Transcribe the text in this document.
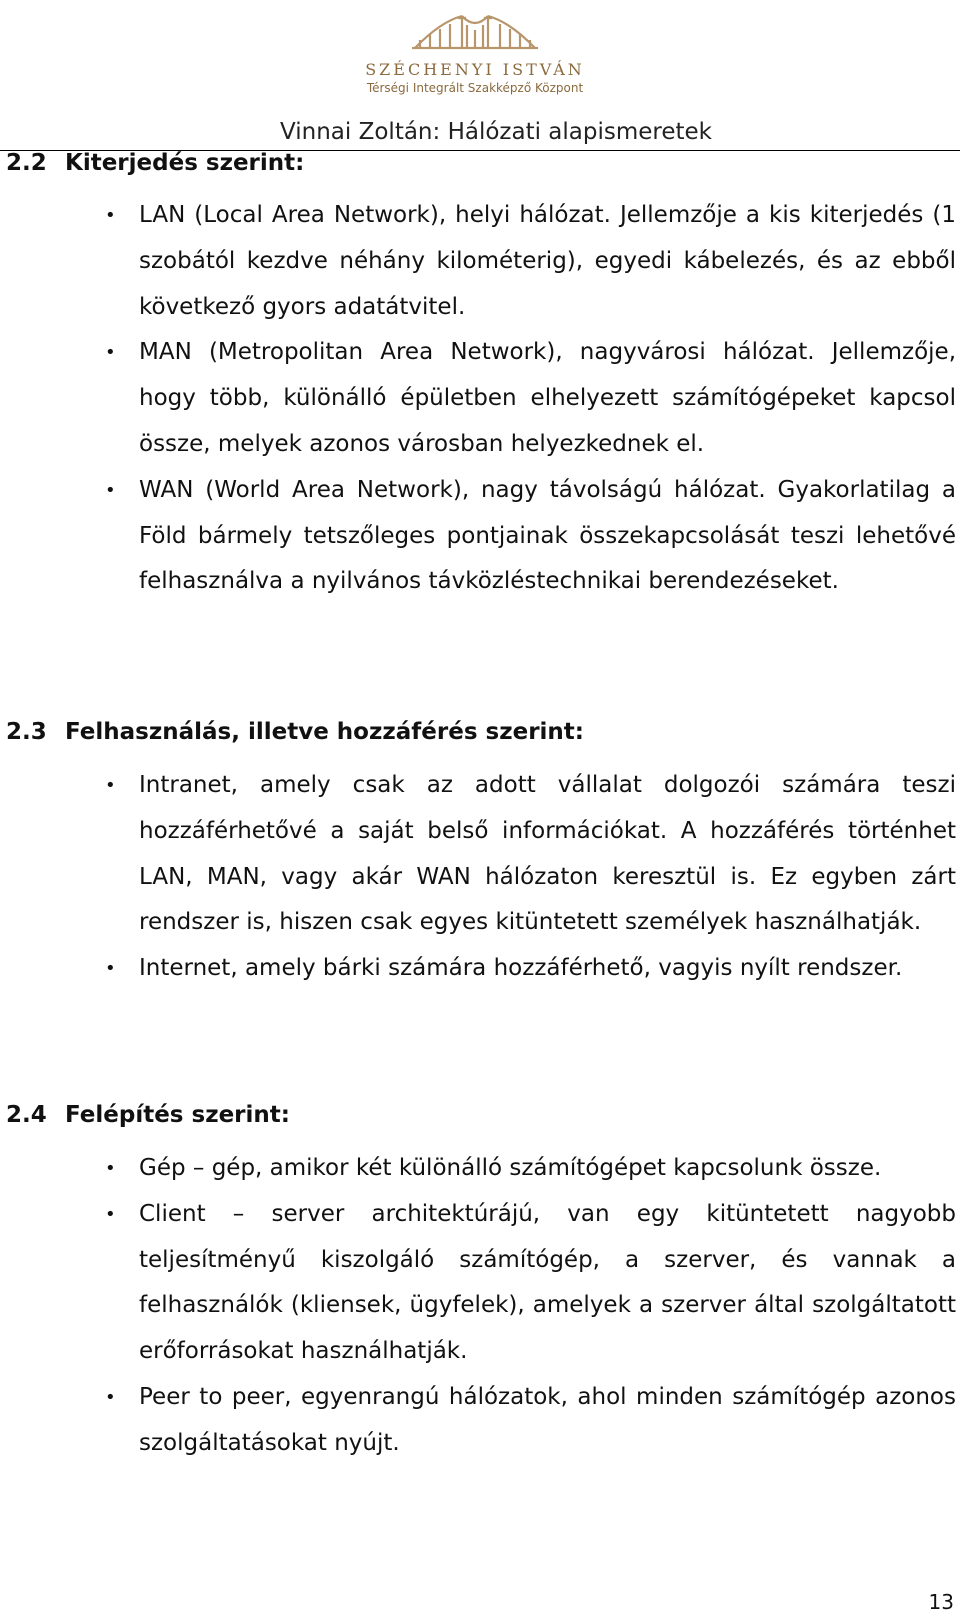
SZÉCHENYI ISTVÁN
Térségi Integrált Szakképző Központ
Vinnai Zoltán: Hálózati alapismeretek
2.2 Kiterjedés szerint:
• LAN (Local Area Network), helyi hálózat. Jellemzője a kis kiterjedés (1 szobától kezdve néhány kilométerig), egyedi kábelezés, és az ebből következő gyors adatátvitel.
• MAN (Metropolitan Area Network), nagyvárosi hálózat. Jellemzője, hogy több, különálló épületben elhelyezett számítógépeket kapcsol össze, melyek azonos városban helyezkednek el.
• WAN (World Area Network), nagy távolságú hálózat. Gyakorlatilag a Föld bármely tetszőleges pontjainak összekapcsolását teszi lehetővé felhasználva a nyilvános távközléstechnikai berendezéseket.
2.3 Felhasználás, illetve hozzáférés szerint:
• Intranet, amely csak az adott vállalat dolgozói számára teszi hozzáférhetővé a saját belső információkat. A hozzáférés történhet LAN, MAN, vagy akár WAN hálózaton keresztül is. Ez egyben zárt rendszer is, hiszen csak egyes kitüntetett személyek használhatják.
• Internet, amely bárki számára hozzáférhető, vagyis nyílt rendszer.
2.4 Felépítés szerint:
• Gép – gép, amikor két különálló számítógépet kapcsolunk össze.
• Client – server architektúrájú, van egy kitüntetett nagyobb teljesítményű kiszolgáló számítógép, a szerver, és vannak a felhasználók (kliensek, ügyfelek), amelyek a szerver által szolgáltatott erőforrásokat használhatják.
• Peer to peer, egyenrangú hálózatok, ahol minden számítógép azonos szolgáltatásokat nyújt.
13
